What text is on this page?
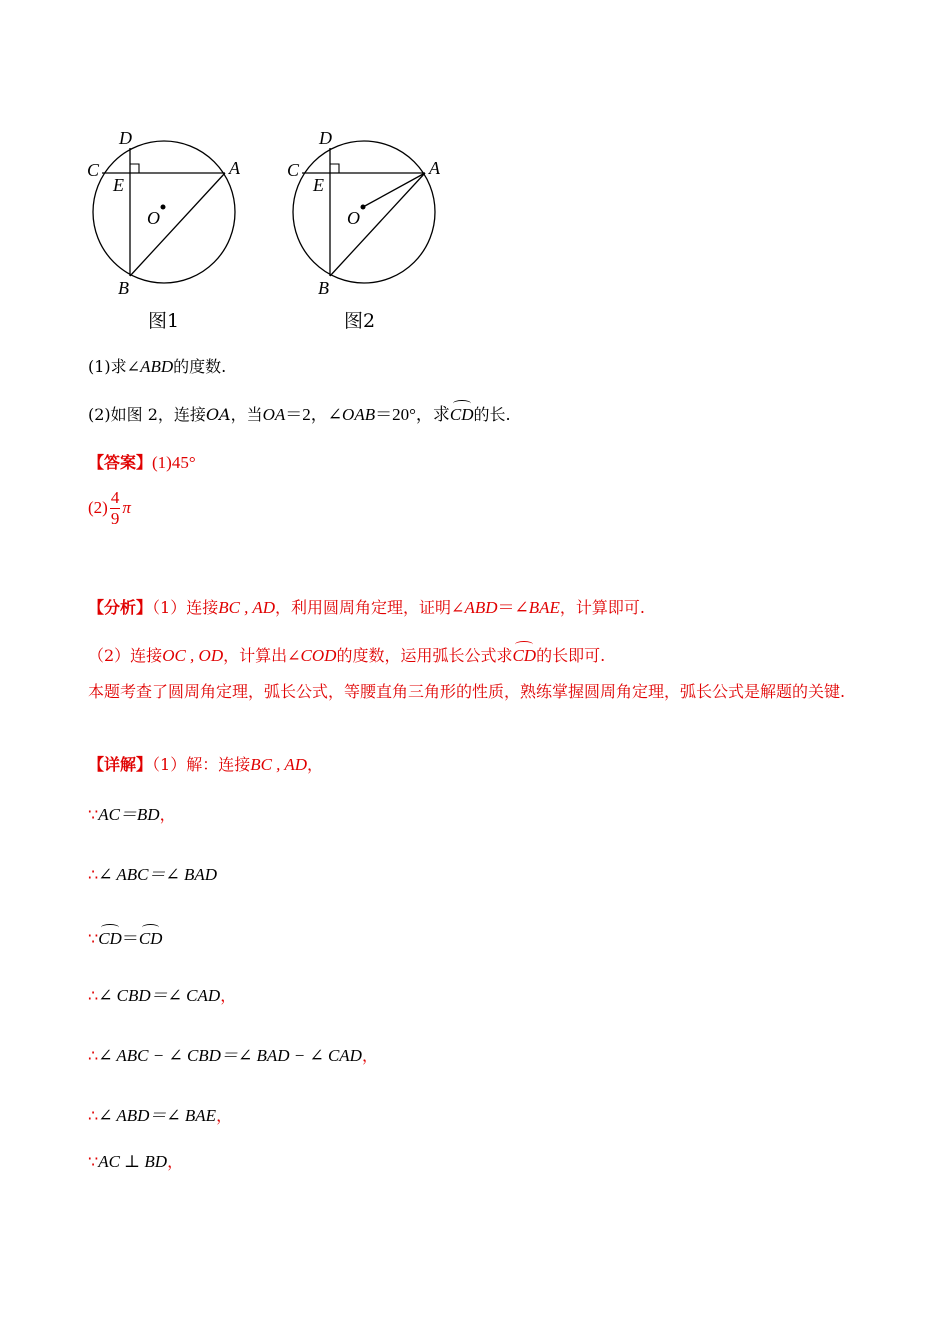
D
C
E
A
O
B
图1
D
C
E
A
O
B
图2
(1)求∠ABD的度数.
(2)如图 2，连接OA，当OA＝2，∠OAB＝20°，求CD的长.
【答案】(1)45°
$(2) \frac{4}{9}$ π
【分析】（1）连接BC , AD，利用圆周角定理，证明∠ABD＝∠BAE，计算即可.
（2）连接OC , OD，计算出∠COD的度数，运用弧长公式求CD的长即可.
本题考查了圆周角定理，弧长公式，等腰直角三角形的性质，熟练掌握圆周角定理，弧长公式是解题的关键.
【详解】（1）解：连接BC , AD，
∵AC＝BD，
∴∠ ABC＝∠ BAD
∵CD＝CD
∴∠ CBD＝∠ CAD，
∴∠ ABC − ∠ CBD＝∠ BAD − ∠ CAD，
∴∠ ABD＝∠ BAE，
∵AC ⊥ BD，
